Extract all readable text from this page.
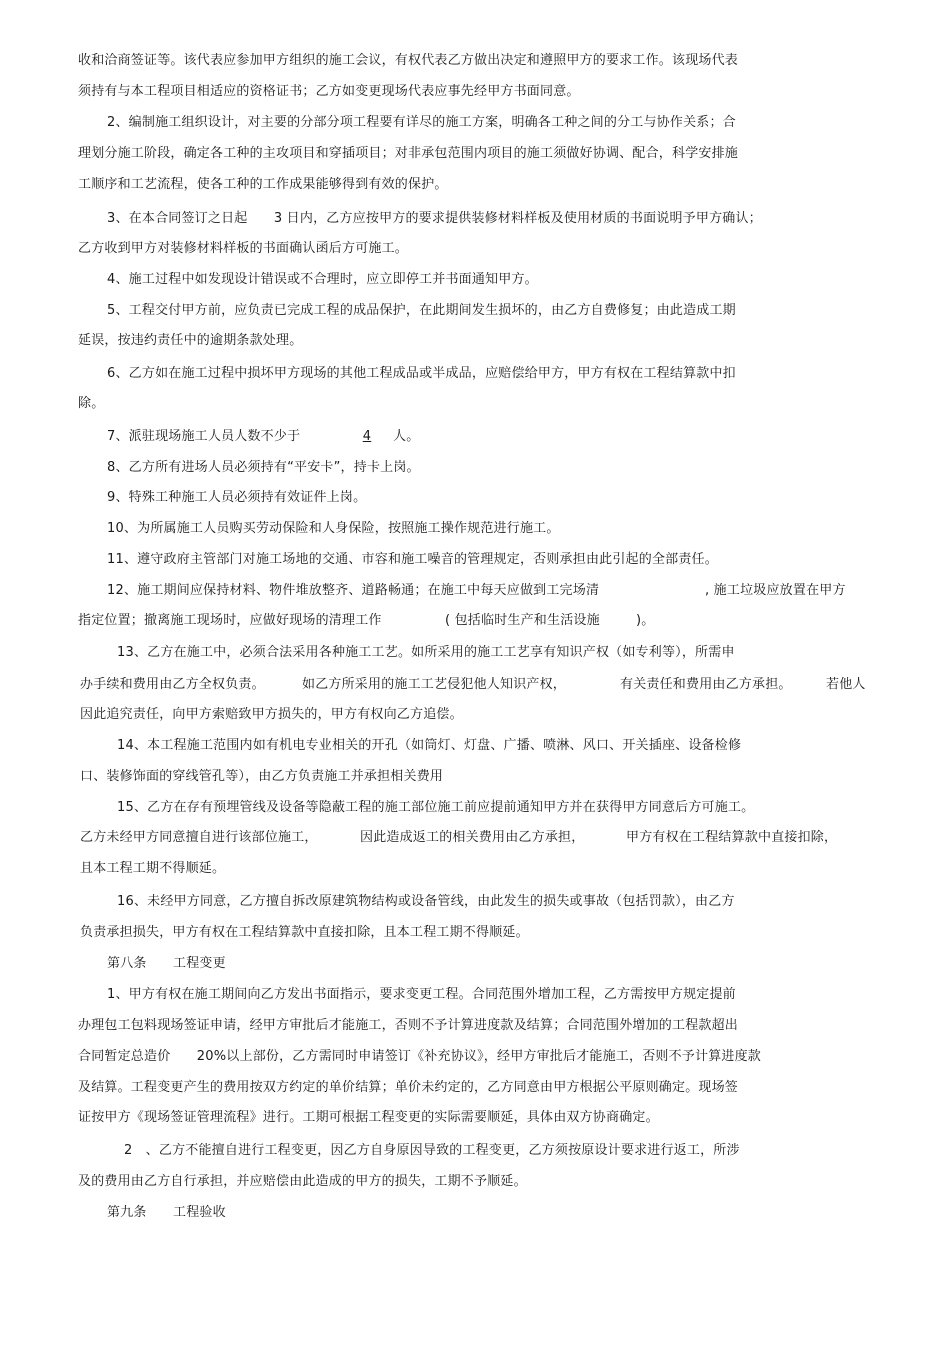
收和洽商签证等。该代表应参加甲方组织的施工会议，有权代表乙方做出决定和遵照甲方的要求工作。该现场代表

须持有与本工程项目相适应的资格证书；乙方如变更现场代表应事先经甲方书面同意。

2、编制施工组织设计，对主要的分部分项工程要有详尽的施工方案，明确各工种之间的分工与协作关系；合

理划分施工阶段，确定各工种的主攻项目和穿插项目；对非承包范围内项目的施工须做好协调、配合，科学安排施

工顺序和工艺流程，使各工种的工作成果能够得到有效的保护。

3、在本合同签订之日起　　3 日内，乙方应按甲方的要求提供装修材料样板及使用材质的书面说明予甲方确认；

乙方收到甲方对装修材料样板的书面确认函后方可施工。

4、施工过程中如发现设计错误或不合理时，应立即停工并书面通知甲方。

5、工程交付甲方前，应负责已完成工程的成品保护，在此期间发生损坏的，由乙方自费修复；由此造成工期

延误，按违约责任中的逾期条款处理。

6、乙方如在施工过程中损坏甲方现场的其他工程成品或半成品，应赔偿给甲方，甲方有权在工程结算款中扣

除。

7、派驻现场施工人员人数不少于	4	人。

8、乙方所有进场人员必须持有“平安卡”，持卡上岗。

9、特殊工种施工人员必须持有效证件上岗。

10、为所属施工人员购买劳动保险和人身保险，按照施工操作规范进行施工。

11、遵守政府主管部门对施工场地的交通、市容和施工噪音的管理规定，否则承担由此引起的全部责任。

12、施工期间应保持材料、物件堆放整齐、道路畅通；在施工中每天应做到工完场清	, 施工垃圾应放置在甲方

指定位置；撤离施工现场时，应做好现场的清理工作	( 包括临时生产和生活设施	)。

13、乙方在施工中，必须合法采用各种施工工艺。如所采用的施工工艺享有知识产权（如专利等），所需申

办手续和费用由乙方全权负责。	如乙方所采用的施工工艺侵犯他人知识产权，	有关责任和费用由乙方承担。	若他人

因此追究责任，向甲方索赔致甲方损失的，甲方有权向乙方追偿。

14、本工程施工范围内如有机电专业相关的开孔（如筒灯、灯盘、广播、喷淋、风口、开关插座、设备检修

口、装修饰面的穿线管孔等），由乙方负责施工并承担相关费用

15、乙方在存有预埋管线及设备等隐蔽工程的施工部位施工前应提前通知甲方并在获得甲方同意后方可施工。

乙方未经甲方同意擅自进行该部位施工，	因此造成返工的相关费用由乙方承担，	甲方有权在工程结算款中直接扣除，

且本工程工期不得顺延。

16、未经甲方同意，乙方擅自拆改原建筑物结构或设备管线，由此发生的损失或事故（包括罚款），由乙方

负责承担损失，甲方有权在工程结算款中直接扣除，且本工程工期不得顺延。

第八条　　工程变更

1、甲方有权在施工期间向乙方发出书面指示，要求变更工程。合同范围外增加工程，乙方需按甲方规定提前

办理包工包料现场签证申请，经甲方审批后才能施工，否则不予计算进度款及结算；合同范围外增加的工程款超出

合同暂定总造价　　20%以上部份，乙方需同时申请签订《补充协议》，经甲方审批后才能施工，否则不予计算进度款

及结算。工程变更产生的费用按双方约定的单价结算；单价未约定的，乙方同意由甲方根据公平原则确定。现场签

证按甲方《现场签证管理流程》进行。工期可根据工程变更的实际需要顺延，具体由双方协商确定。

2　、乙方不能擅自进行工程变更，因乙方自身原因导致的工程变更，乙方须按原设计要求进行返工，所涉

及的费用由乙方自行承担，并应赔偿由此造成的甲方的损失，工期不予顺延。

第九条　　工程验收
